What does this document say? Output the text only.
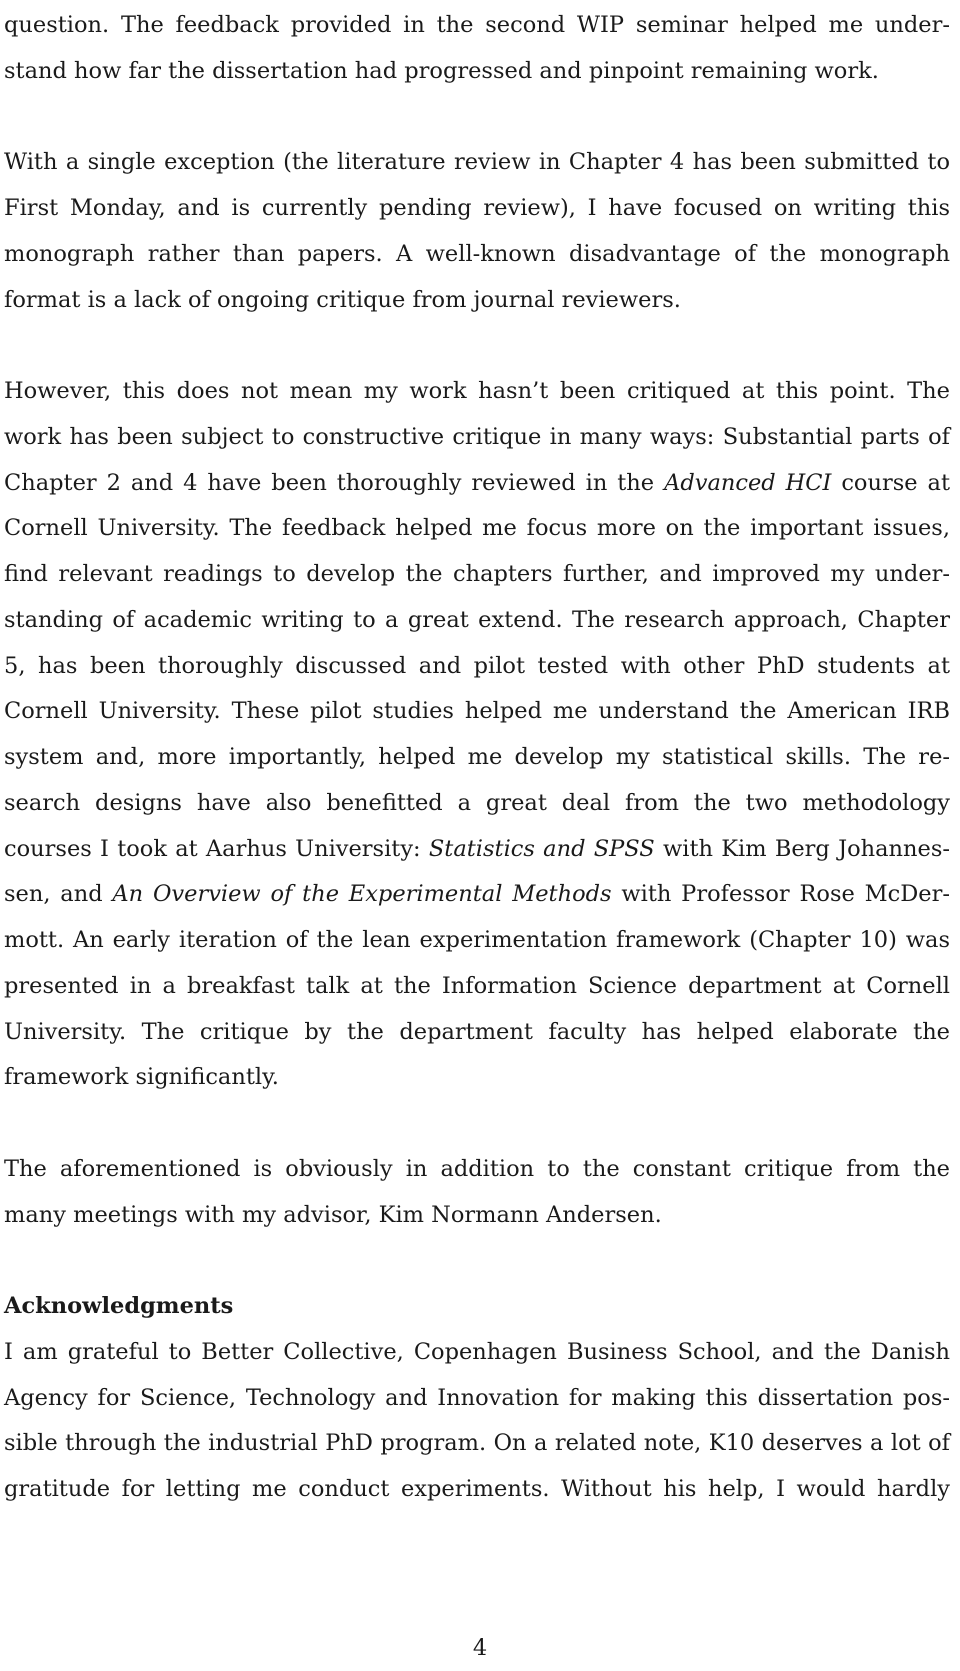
question. The feedback provided in the second WIP seminar helped me understand how far the dissertation had progressed and pinpoint remaining work.

With a single exception (the literature review in Chapter 4 has been submitted to First Monday, and is currently pending review), I have focused on writing this monograph rather than papers. A well-known disadvantage of the monograph format is a lack of ongoing critique from journal reviewers.

However, this does not mean my work hasn’t been critiqued at this point. The work has been subject to constructive critique in many ways: Substantial parts of Chapter 2 and 4 have been thoroughly reviewed in the Advanced HCI course at Cornell University. The feedback helped me focus more on the important issues, find relevant readings to develop the chapters further, and improved my understanding of academic writing to a great extend. The research approach, Chapter 5, has been thoroughly discussed and pilot tested with other PhD students at Cornell University. These pilot studies helped me understand the American IRB system and, more importantly, helped me develop my statistical skills. The research designs have also benefitted a great deal from the two methodology courses I took at Aarhus University: Statistics and SPSS with Kim Berg Johannessen, and An Overview of the Experimental Methods with Professor Rose McDermott. An early iteration of the lean experimentation framework (Chapter 10) was presented in a breakfast talk at the Information Science department at Cornell University. The critique by the department faculty has helped elaborate the framework significantly.

The aforementioned is obviously in addition to the constant critique from the many meetings with my advisor, Kim Normann Andersen.

Acknowledgments

I am grateful to Better Collective, Copenhagen Business School, and the Danish Agency for Science, Technology and Innovation for making this dissertation possible through the industrial PhD program. On a related note, K10 deserves a lot of gratitude for letting me conduct experiments. Without his help, I would hardly

4
